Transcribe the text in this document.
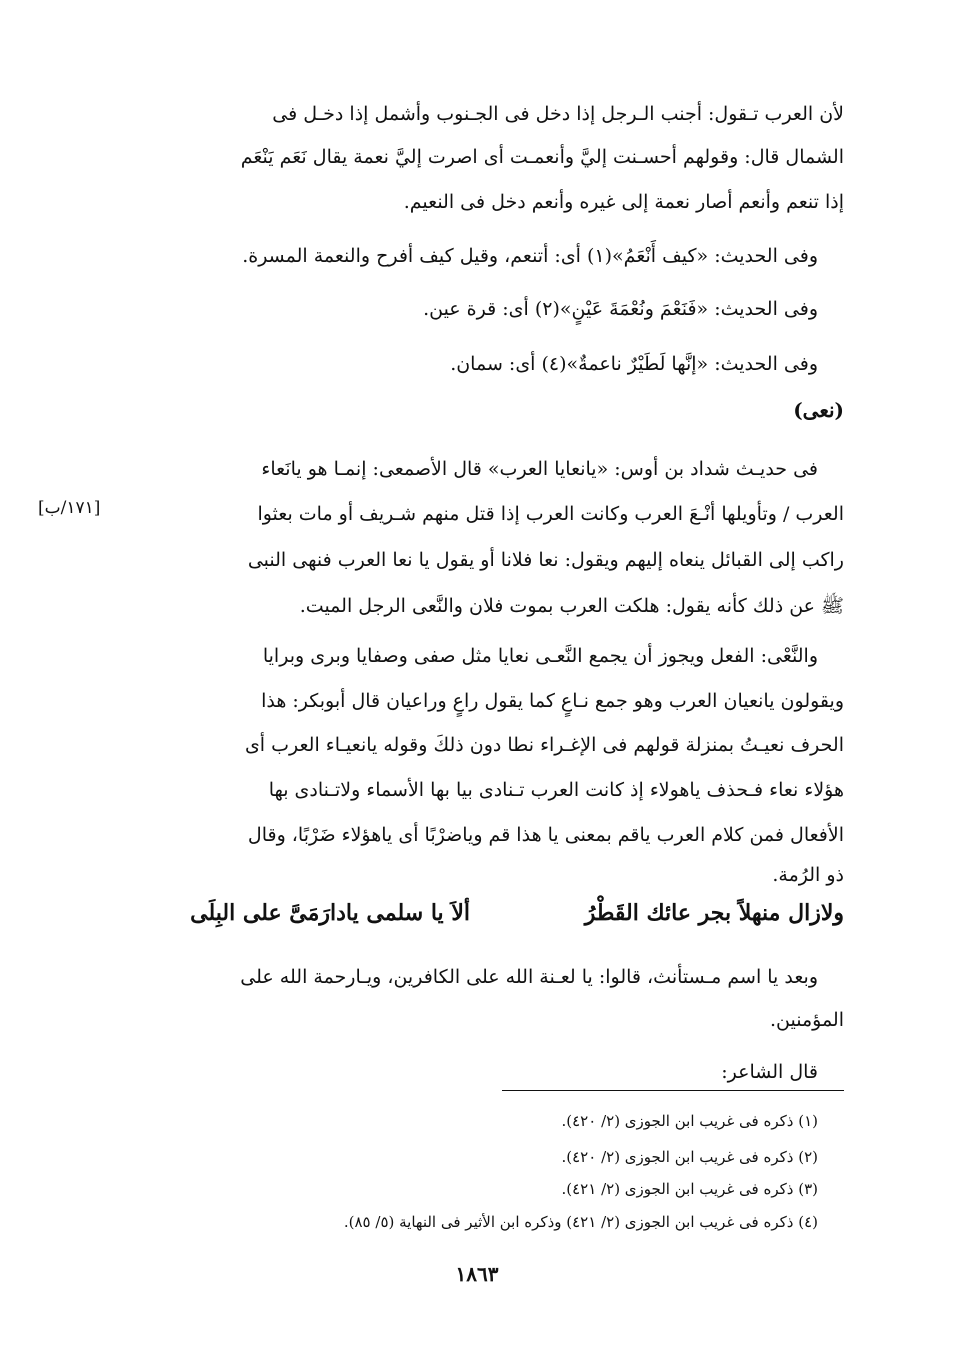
لأن العرب تـقول: أجنب الـرجل إذا دخل فى الجـنوب وأشمل إذا دخـل فى
الشمال قال: وقولهم أحسـنت إليَّ وأنعمـت أى اصرت إليَّ نعمة يقال نَعَم يَنْعَم
إذا تنعم وأنعم أصار نعمة إلى غيره وأنعم دخل فى النعيم.
وفى الحديث: «كيف أَنْعَمُ»(١) أى: أتنعم، وقيل كيف أفرح والنعمة المسرة.
وفى الحديث: «فَنَعْمَ ونُعْمَةَ عَيْنٍ»(٢) أى: قرة عين.
وفى الحديث: «إنَّها لَطَيْرٌ ناعمةٌ»(٤) أى: سمان.
(نعى)
فى حديـث شداد بن أوس: «يانعايا العرب» قال الأصمعى: إنمـا هو يانَعاء
العرب / وتأويلها أنْـعَ العرب وكانت العرب إذا قتل منهم شـريف أو مات بعثوا
راكب إلى القبائل ينعاه إليهم ويقول: نعا فلانا أو يقول يا نعا العرب فنهى النبى
ﷺ عن ذلك كأنه يقول: هلكت العرب بموت فلان والنَّعى الرجل الميت.
[١٧١/ب]
والنَّعْى: الفعل ويجوز أن يجمع النَّعـى نعايا مثل صفى وصفايا وبرى وبرايا
ويقولون يانعيان العرب وهو جمع نـاعٍ كما يقول راعٍ وراعيان قال أبوبكر: هذا
الحرف نعيـتُ بمنزلة قولهم فى الإغـراء نطا دون ذلكَ وقوله يانعيـاء العرب أى
هؤلاء نعاء فـحذف ياهولاء إذ كانت العرب تـنادى بيا بها الأسماء ولاتـنادى بها
الأفعال فمن كلام العرب ياقم بمعنى يا هذا قم وياضرْبًا أى ياهؤلاء ضَرْبًا، وقال
ذو الرُمة.
ولازال منهلاً بجر عائك القَطْرُ
ألاَ يا سلمى يادارَمَىَّ على البِلَى
وبعد يا اسم مـستأنث، قالوا: يا لعـنة الله على الكافرين، ويـارحمة الله على
المؤمنين.
قال الشاعر:
(١) ذكره فى غريب ابن الجوزى (٢/ ٤٢٠).
(٢) ذكره فى غريب ابن الجوزى (٢/ ٤٢٠).
(٣) ذكره فى غريب ابن الجوزى (٢/ ٤٢١).
(٤) ذكره فى غريب ابن الجوزى (٢/ ٤٢١) وذكره ابن الأثير فى النهاية (٥/ ٨٥).
١٨٦٣
